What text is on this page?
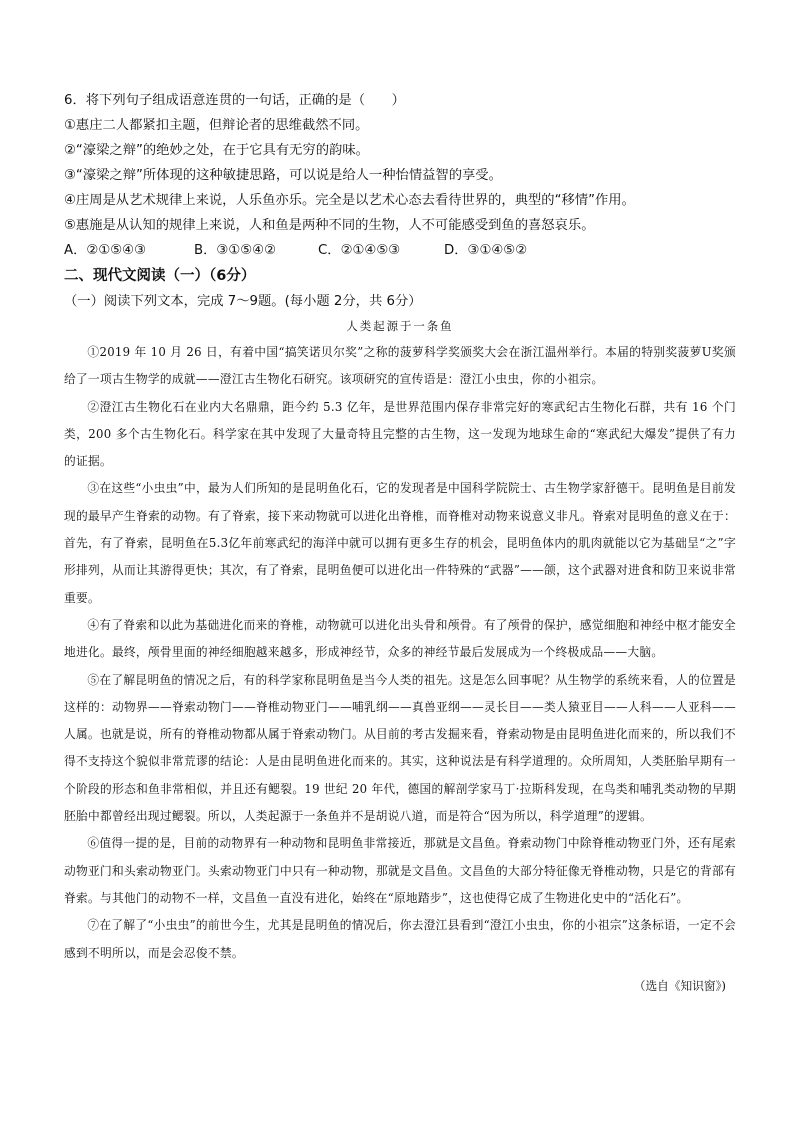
6．将下列句子组成语意连贯的一句话，正确的是（　　）
①惠庄二人都紧扣主题，但辩论者的思维截然不同。
②“濠梁之辩”的绝妙之处，在于它具有无穷的韵味。
③“濠梁之辩”所体现的这种敏捷思路，可以说是给人一种怡情益智的享受。
④庄周是从艺术规律上来说，人乐鱼亦乐。完全是以艺术心态去看待世界的，典型的“移情”作用。
⑤惠施是从认知的规律上来说，人和鱼是两种不同的生物，人不可能感受到鱼的喜怒哀乐。
A．②①⑤④③	B．③①⑤④②	C．②①④⑤③	D．③①④⑤②
二、现代文阅读（一）（6分）
（一）阅读下列文本，完成 7～9题。(每小题 2分，共 6分）
人类起源于一条鱼

①2019 年 10 月 26 日，有着中国“搞笑诺贝尔奖”之称的菠萝科学奖颁奖大会在浙江温州举行。本届的特别奖菠萝U奖颁给了一项古生物学的成就——澄江古生物化石研究。该项研究的宣传语是：澄江小虫虫，你的小祖宗。

②澄江古生物化石在业内大名鼎鼎，距今约 5.3 亿年，是世界范围内保存非常完好的寒武纪古生物化石群，共有 16 个门类，200 多个古生物化石。科学家在其中发现了大量奇特且完整的古生物，这一发现为地球生命的“寒武纪大爆发”提供了有力的证据。

③在这些“小虫虫”中，最为人们所知的是昆明鱼化石，它的发现者是中国科学院院士、古生物学家舒德干。昆明鱼是目前发现的最早产生脊索的动物。有了脊索，接下来动物就可以进化出脊椎，而脊椎对动物来说意义非凡。脊索对昆明鱼的意义在于：首先，有了脊索，昆明鱼在5.3亿年前寒武纪的海洋中就可以拥有更多生存的机会，昆明鱼体内的肌肉就能以它为基础呈“之”字形排列，从而让其游得更快；其次，有了脊索，昆明鱼便可以进化出一件特殊的“武器”——颌，这个武器对进食和防卫来说非常重要。

④有了脊索和以此为基础进化而来的脊椎，动物就可以进化出头骨和颅骨。有了颅骨的保护，感觉细胞和神经中枢才能安全地进化。最终，颅骨里面的神经细胞越来越多，形成神经节，众多的神经节最后发展成为一个终极成品——大脑。

⑤在了解昆明鱼的情况之后，有的科学家称昆明鱼是当今人类的祖先。这是怎么回事呢？从生物学的系统来看，人的位置是这样的：动物界——脊索动物门——脊椎动物亚门——哺乳纲——真兽亚纲——灵长目——类人猿亚目——人科——人亚科——人属。也就是说，所有的脊椎动物都从属于脊索动物门。从目前的考古发掘来看，脊索动物是由昆明鱼进化而来的，所以我们不得不支持这个貌似非常荒谬的结论：人是由昆明鱼进化而来的。其实，这种说法是有科学道理的。众所周知，人类胚胎早期有一个阶段的形态和鱼非常相似，并且还有鳃裂。19 世纪 20 年代，德国的解剖学家马丁·拉斯科发现，在鸟类和哺乳类动物的早期胚胎中都曾经出现过鳃裂。所以，人类起源于一条鱼并不是胡说八道，而是符合“因为所以，科学道理”的逻辑。

⑥值得一提的是，目前的动物界有一种动物和昆明鱼非常接近，那就是文昌鱼。脊索动物门中除脊椎动物亚门外，还有尾索动物亚门和头索动物亚门。头索动物亚门中只有一种动物，那就是文昌鱼。文昌鱼的大部分特征像无脊椎动物，只是它的背部有脊索。与其他门的动物不一样，文昌鱼一直没有进化，始终在“原地踏步”，这也使得它成了生物进化史中的“活化石”。

⑦在了解了“小虫虫”的前世今生，尤其是昆明鱼的情况后，你去澄江县看到“澄江小虫虫，你的小祖宗”这条标语，一定不会感到不明所以，而是会忍俊不禁。

（选自《知识窗》)
